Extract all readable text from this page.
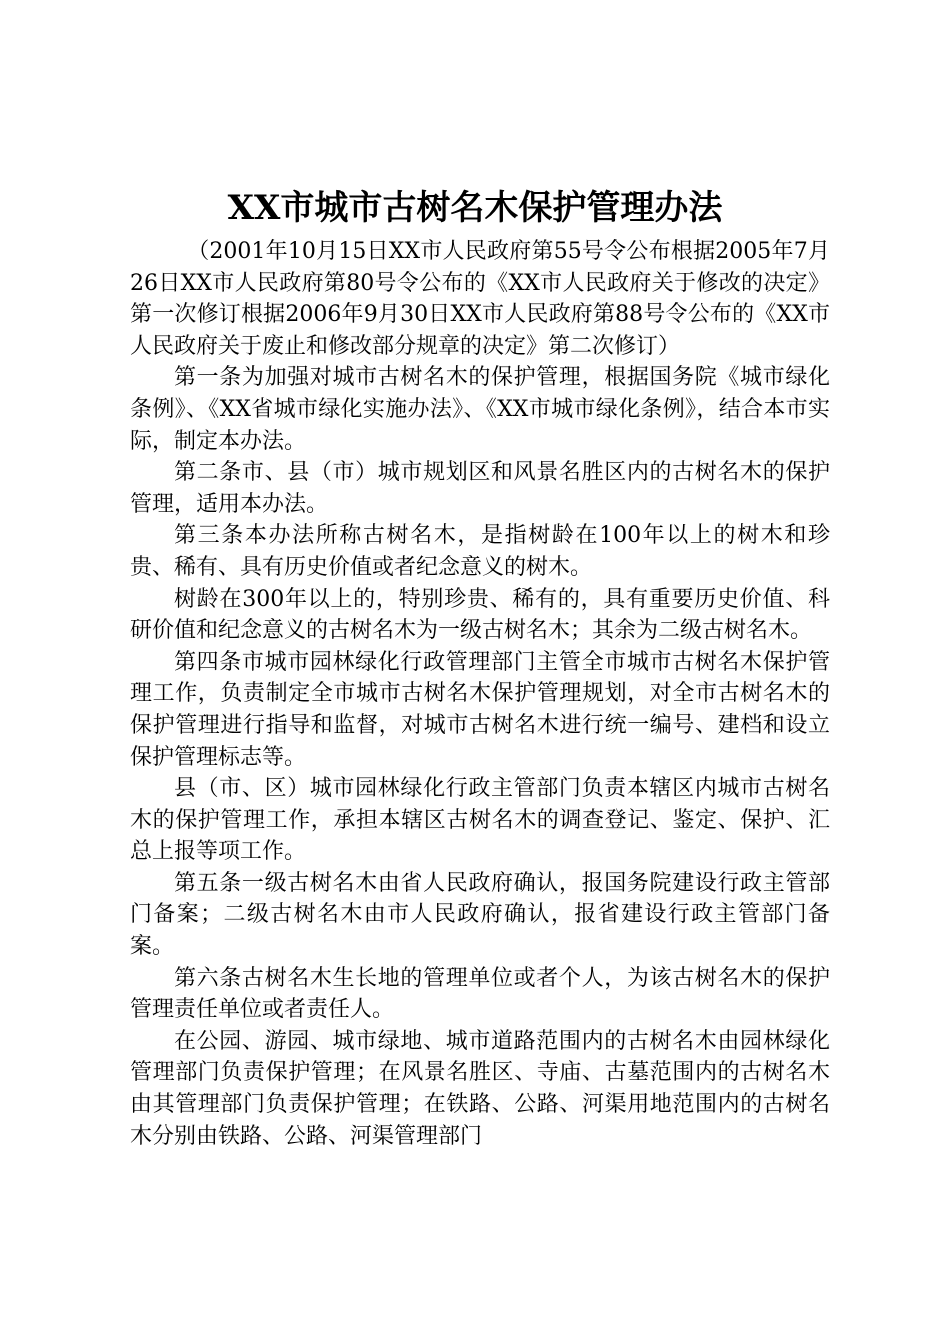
XX市城市古树名木保护管理办法

（2001年10月15日XX市人民政府第55号令公布根据2005年7月26日XX市人民政府第80号令公布的《XX市人民政府关于修改的决定》第一次修订根据2006年9月30日XX市人民政府第88号令公布的《XX市人民政府关于废止和修改部分规章的决定》第二次修订）

第一条为加强对城市古树名木的保护管理，根据国务院《城市绿化条例》、《XX省城市绿化实施办法》、《XX市城市绿化条例》，结合本市实际，制定本办法。

第二条市、县（市）城市规划区和风景名胜区内的古树名木的保护管理，适用本办法。

第三条本办法所称古树名木，是指树龄在100年以上的树木和珍贵、稀有、具有历史价值或者纪念意义的树木。

树龄在300年以上的，特别珍贵、稀有的，具有重要历史价值、科研价值和纪念意义的古树名木为一级古树名木；其余为二级古树名木。

第四条市城市园林绿化行政管理部门主管全市城市古树名木保护管理工作，负责制定全市城市古树名木保护管理规划，对全市古树名木的保护管理进行指导和监督，对城市古树名木进行统一编号、建档和设立保护管理标志等。

县（市、区）城市园林绿化行政主管部门负责本辖区内城市古树名木的保护管理工作，承担本辖区古树名木的调查登记、鉴定、保护、汇总上报等项工作。

第五条一级古树名木由省人民政府确认，报国务院建设行政主管部门备案；二级古树名木由市人民政府确认，报省建设行政主管部门备案。

第六条古树名木生长地的管理单位或者个人，为该古树名木的保护管理责任单位或者责任人。

在公园、游园、城市绿地、城市道路范围内的古树名木由园林绿化管理部门负责保护管理；在风景名胜区、寺庙、古墓范围内的古树名木由其管理部门负责保护管理；在铁路、公路、河渠用地范围内的古树名木分别由铁路、公路、河渠管理部门
